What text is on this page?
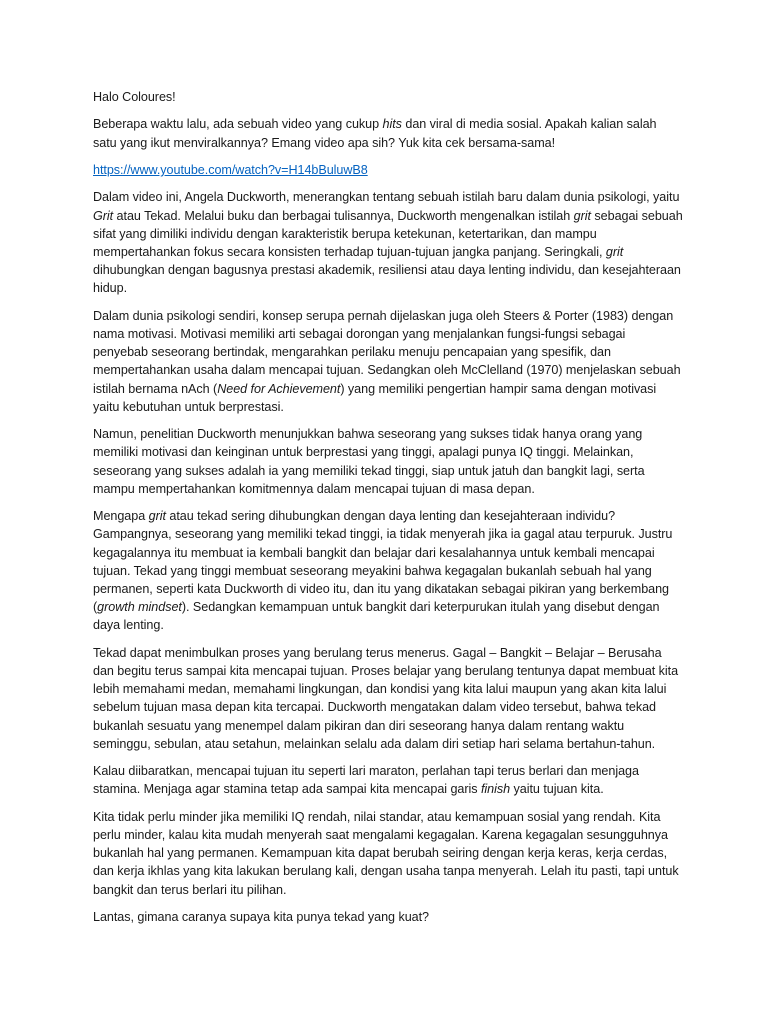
Halo Coloures!

Beberapa waktu lalu, ada sebuah video yang cukup hits dan viral di media sosial. Apakah kalian salah satu yang ikut menviralkannya? Emang video apa sih? Yuk kita cek bersama-sama!

https://www.youtube.com/watch?v=H14bBuluwB8

Dalam video ini, Angela Duckworth, menerangkan tentang sebuah istilah baru dalam dunia psikologi, yaitu Grit atau Tekad. Melalui buku dan berbagai tulisannya, Duckworth mengenalkan istilah grit sebagai sebuah sifat yang dimiliki individu dengan karakteristik berupa ketekunan, ketertarikan, dan mampu mempertahankan fokus secara konsisten terhadap tujuan-tujuan jangka panjang. Seringkali, grit dihubungkan dengan bagusnya prestasi akademik, resiliensi atau daya lenting individu, dan kesejahteraan hidup.

Dalam dunia psikologi sendiri, konsep serupa pernah dijelaskan juga oleh Steers & Porter (1983) dengan nama motivasi. Motivasi memiliki arti sebagai dorongan yang menjalankan fungsi-fungsi sebagai penyebab seseorang bertindak, mengarahkan perilaku menuju pencapaian yang spesifik, dan mempertahankan usaha dalam mencapai tujuan. Sedangkan oleh McClelland (1970) menjelaskan sebuah istilah bernama nAch (Need for Achievement) yang memiliki pengertian hampir sama dengan motivasi yaitu kebutuhan untuk berprestasi.

Namun, penelitian Duckworth menunjukkan bahwa seseorang yang sukses tidak hanya orang yang memiliki motivasi dan keinginan untuk berprestasi yang tinggi, apalagi punya IQ tinggi. Melainkan, seseorang yang sukses adalah ia yang memiliki tekad tinggi, siap untuk jatuh dan bangkit lagi, serta mampu mempertahankan komitmennya dalam mencapai tujuan di masa depan.

Mengapa grit atau tekad sering dihubungkan dengan daya lenting dan kesejahteraan individu? Gampangnya, seseorang yang memiliki tekad tinggi, ia tidak menyerah jika ia gagal atau terpuruk. Justru kegagalannya itu membuat ia kembali bangkit dan belajar dari kesalahannya untuk kembali mencapai tujuan. Tekad yang tinggi membuat seseorang meyakini bahwa kegagalan bukanlah sebuah hal yang permanen, seperti kata Duckworth di video itu, dan itu yang dikatakan sebagai pikiran yang berkembang (growth mindset). Sedangkan kemampuan untuk bangkit dari keterpurukan itulah yang disebut dengan daya lenting.

Tekad dapat menimbulkan proses yang berulang terus menerus. Gagal – Bangkit – Belajar – Berusaha dan begitu terus sampai kita mencapai tujuan. Proses belajar yang berulang tentunya dapat membuat kita lebih memahami medan, memahami lingkungan, dan kondisi yang kita lalui maupun yang akan kita lalui sebelum tujuan masa depan kita tercapai. Duckworth mengatakan dalam video tersebut, bahwa tekad bukanlah sesuatu yang menempel dalam pikiran dan diri seseorang hanya dalam rentang waktu seminggu, sebulan, atau setahun, melainkan selalu ada dalam diri setiap hari selama bertahun-tahun.

Kalau diibaratkan, mencapai tujuan itu seperti lari maraton, perlahan tapi terus berlari dan menjaga stamina. Menjaga agar stamina tetap ada sampai kita mencapai garis finish yaitu tujuan kita.

Kita tidak perlu minder jika memiliki IQ rendah, nilai standar, atau kemampuan sosial yang rendah. Kita perlu minder, kalau kita mudah menyerah saat mengalami kegagalan. Karena kegagalan sesungguhnya bukanlah hal yang permanen. Kemampuan kita dapat berubah seiring dengan kerja keras, kerja cerdas, dan kerja ikhlas yang kita lakukan berulang kali, dengan usaha tanpa menyerah. Lelah itu pasti, tapi untuk bangkit dan terus berlari itu pilihan.

Lantas, gimana caranya supaya kita punya tekad yang kuat?
